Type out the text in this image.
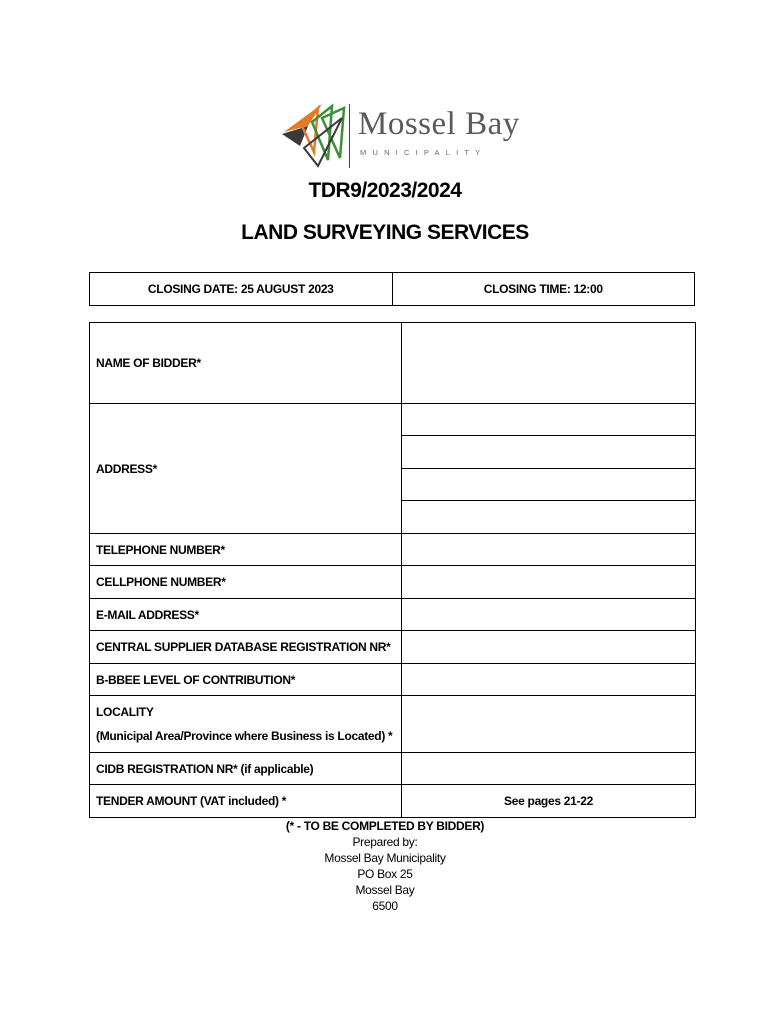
Mossel Bay
MUNICIPALITY
TDR9/2023/2024
LAND SURVEYING SERVICES
CLOSING DATE: 25 AUGUST 2023	CLOSING TIME: 12:00
NAME OF BIDDER*	
ADDRESS*	

TELEPHONE NUMBER*	
CELLPHONE NUMBER*	
E-MAIL ADDRESS*	
CENTRAL SUPPLIER DATABASE REGISTRATION NR*	
B-BBEE LEVEL OF CONTRIBUTION*	

LOCALITY
(Municipal Area/Province where Business is Located) *	

CIDB REGISTRATION NR* (if applicable)	
TENDER AMOUNT (VAT included) *	See pages 21-22
(* - TO BE COMPLETED BY BIDDER)
Prepared by:
Mossel Bay Municipality
PO Box 25
Mossel Bay
6500
